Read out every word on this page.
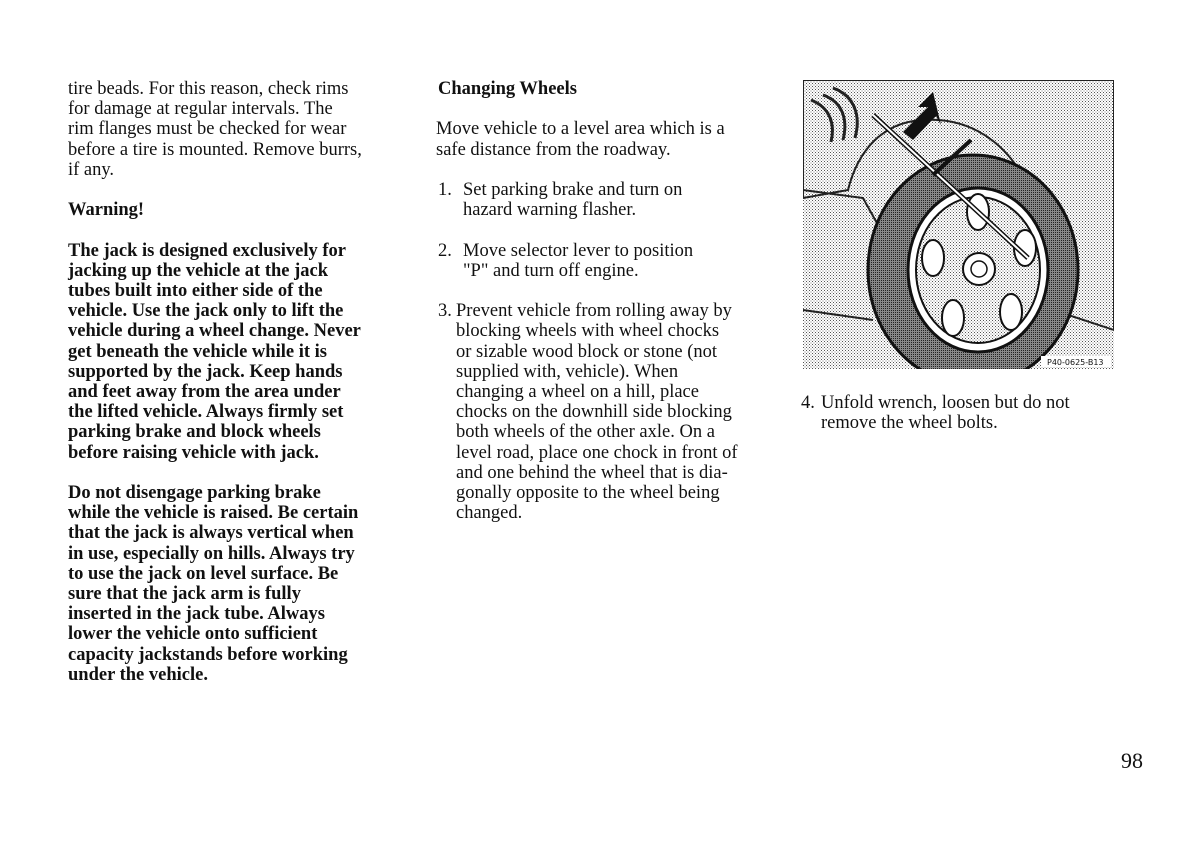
tire beads. For this reason, check rims

for damage at regular intervals. The

rim flanges must be checked for wear

before a tire is mounted. Remove burrs,

if any.

Warning!

The jack is designed exclusively for

jacking up the vehicle at the jack

tubes built into either side of the

vehicle. Use the jack only to lift the

vehicle during a wheel change. Never

get beneath the vehicle while it is

supported by the jack. Keep hands

and feet away from the area under

the lifted vehicle. Always firmly set

parking brake and block wheels

before raising vehicle with jack.

Do not disengage parking brake

while the vehicle is raised. Be certain

that the jack is always vertical when

in use, especially on hills. Always try

to use the jack on level surface. Be

sure that the jack arm is fully

inserted in the jack tube. Always

lower the vehicle onto sufficient

capacity jackstands before working

under the vehicle.

Changing Wheels

Move vehicle to a level area which is a

safe distance from the roadway.

1. Set parking brake and turn on

hazard warning flasher.

2. Move selector lever to position

"P" and turn off engine.

3. Prevent vehicle from rolling away by

blocking wheels with wheel chocks

or sizable wood block or stone (not

supplied with, vehicle). When

changing a wheel on a hill, place

chocks on the downhill side blocking

both wheels of the other axle. On a

level road, place one chock in front of

and one behind the wheel that is dia-

gonally opposite to the wheel being

changed.

P40-0625-B13
4. Unfold wrench, loosen but do not

remove the wheel bolts.

98
